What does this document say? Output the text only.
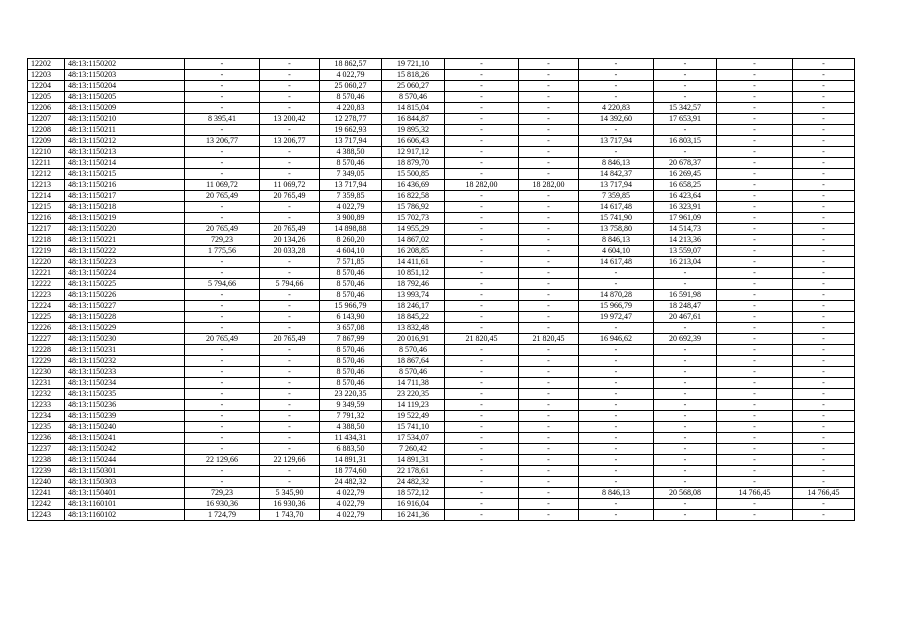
12202	48:13:1150202	-	-	18 862,57	19 721,10	-	-	-	-	-	-
12203	48:13:1150203	-	-	4 022,79	15 818,26	-	-	-	-	-	-
12204	48:13:1150204	-	-	25 060,27	25 060,27	-	-	-	-	-	-
12205	48:13:1150205	-	-	8 570,46	8 570,46	-	-	-	-	-	-
12206	48:13:1150209	-	-	4 220,83	14 815,04	-	-	4 220,83	15 342,57	-	-
12207	48:13:1150210	8 395,41	13 200,42	12 278,77	16 844,87	-	-	14 392,60	17 653,91	-	-
12208	48:13:1150211	-	-	19 662,93	19 895,32	-	-	-	-	-	-
12209	48:13:1150212	13 206,77	13 206,77	13 717,94	16 606,43	-	-	13 717,94	16 803,15	-	-
12210	48:13:1150213	-	-	4 388,50	12 917,12	-	-	-	-	-	-
12211	48:13:1150214	-	-	8 570,46	18 879,70	-	-	8 846,13	20 678,37	-	-
12212	48:13:1150215	-	-	7 349,05	15 500,85	-	-	14 842,37	16 269,45	-	-
12213	48:13:1150216	11 069,72	11 069,72	13 717,94	16 436,69	18 282,00	18 282,00	13 717,94	16 658,25	-	-
12214	48:13:1150217	20 765,49	20 765,49	7 359,85	16 822,58	-	-	7 359,85	16 423,64	-	-
12215	48:13:1150218	-	-	4 022,79	15 786,92	-	-	14 617,48	16 323,91	-	-
12216	48:13:1150219	-	-	3 900,89	15 702,73	-	-	15 741,90	17 961,09	-	-
12217	48:13:1150220	20 765,49	20 765,49	14 898,88	14 955,29	-	-	13 758,80	14 514,73	-	-
12218	48:13:1150221	729,23	20 134,26	8 260,20	14 867,02	-	-	8 846,13	14 213,36	-	-
12219	48:13:1150222	1 775,56	20 033,28	4 604,10	16 208,85	-	-	4 604,10	13 559,07	-	-
12220	48:13:1150223	-	-	7 571,85	14 411,61	-	-	14 617,48	16 213,04	-	-
12221	48:13:1150224	-	-	8 570,46	10 851,12	-	-	-	-	-	-
12222	48:13:1150225	5 794,66	5 794,66	8 570,46	18 792,46	-	-	-	-	-	-
12223	48:13:1150226	-	-	8 570,46	13 993,74	-	-	14 870,28	16 591,98	-	-
12224	48:13:1150227	-	-	15 966,79	18 246,17	-	-	15 966,79	18 248,47	-	-
12225	48:13:1150228	-	-	6 143,90	18 845,22	-	-	19 972,47	20 467,61	-	-
12226	48:13:1150229	-	-	3 657,08	13 832,48	-	-	-	-	-	-
12227	48:13:1150230	20 765,49	20 765,49	7 867,99	20 016,91	21 820,45	21 820,45	16 946,62	20 692,39	-	-
12228	48:13:1150231	-	-	8 570,46	8 570,46	-	-	-	-	-	-
12229	48:13:1150232	-	-	8 570,46	18 867,64	-	-	-	-	-	-
12230	48:13:1150233	-	-	8 570,46	8 570,46	-	-	-	-	-	-
12231	48:13:1150234	-	-	8 570,46	14 711,38	-	-	-	-	-	-
12232	48:13:1150235	-	-	23 220,35	23 220,35	-	-	-	-	-	-
12233	48:13:1150236	-	-	9 349,59	14 119,23	-	-	-	-	-	-
12234	48:13:1150239	-	-	7 791,32	19 522,49	-	-	-	-	-	-
12235	48:13:1150240	-	-	4 388,50	15 741,10	-	-	-	-	-	-
12236	48:13:1150241	-	-	11 434,31	17 534,07	-	-	-	-	-	-
12237	48:13:1150242	-	-	6 883,50	7 260,42	-	-	-	-	-	-
12238	48:13:1150244	22 129,66	22 129,66	14 891,31	14 891,31	-	-	-	-	-	-
12239	48:13:1150301	-	-	18 774,60	22 178,61	-	-	-	-	-	-
12240	48:13:1150303	-	-	24 482,32	24 482,32	-	-	-	-	-	-
12241	48:13:1150401	729,23	5 345,90	4 022,79	18 572,12	-	-	8 846,13	20 568,08	14 766,45	14 766,45
12242	48:13:1160101	16 930,36	16 930,36	4 022,79	16 916,04	-	-	-	-	-	-
12243	48:13:1160102	1 724,79	1 743,70	4 022,79	16 241,36	-	-	-	-	-	-
